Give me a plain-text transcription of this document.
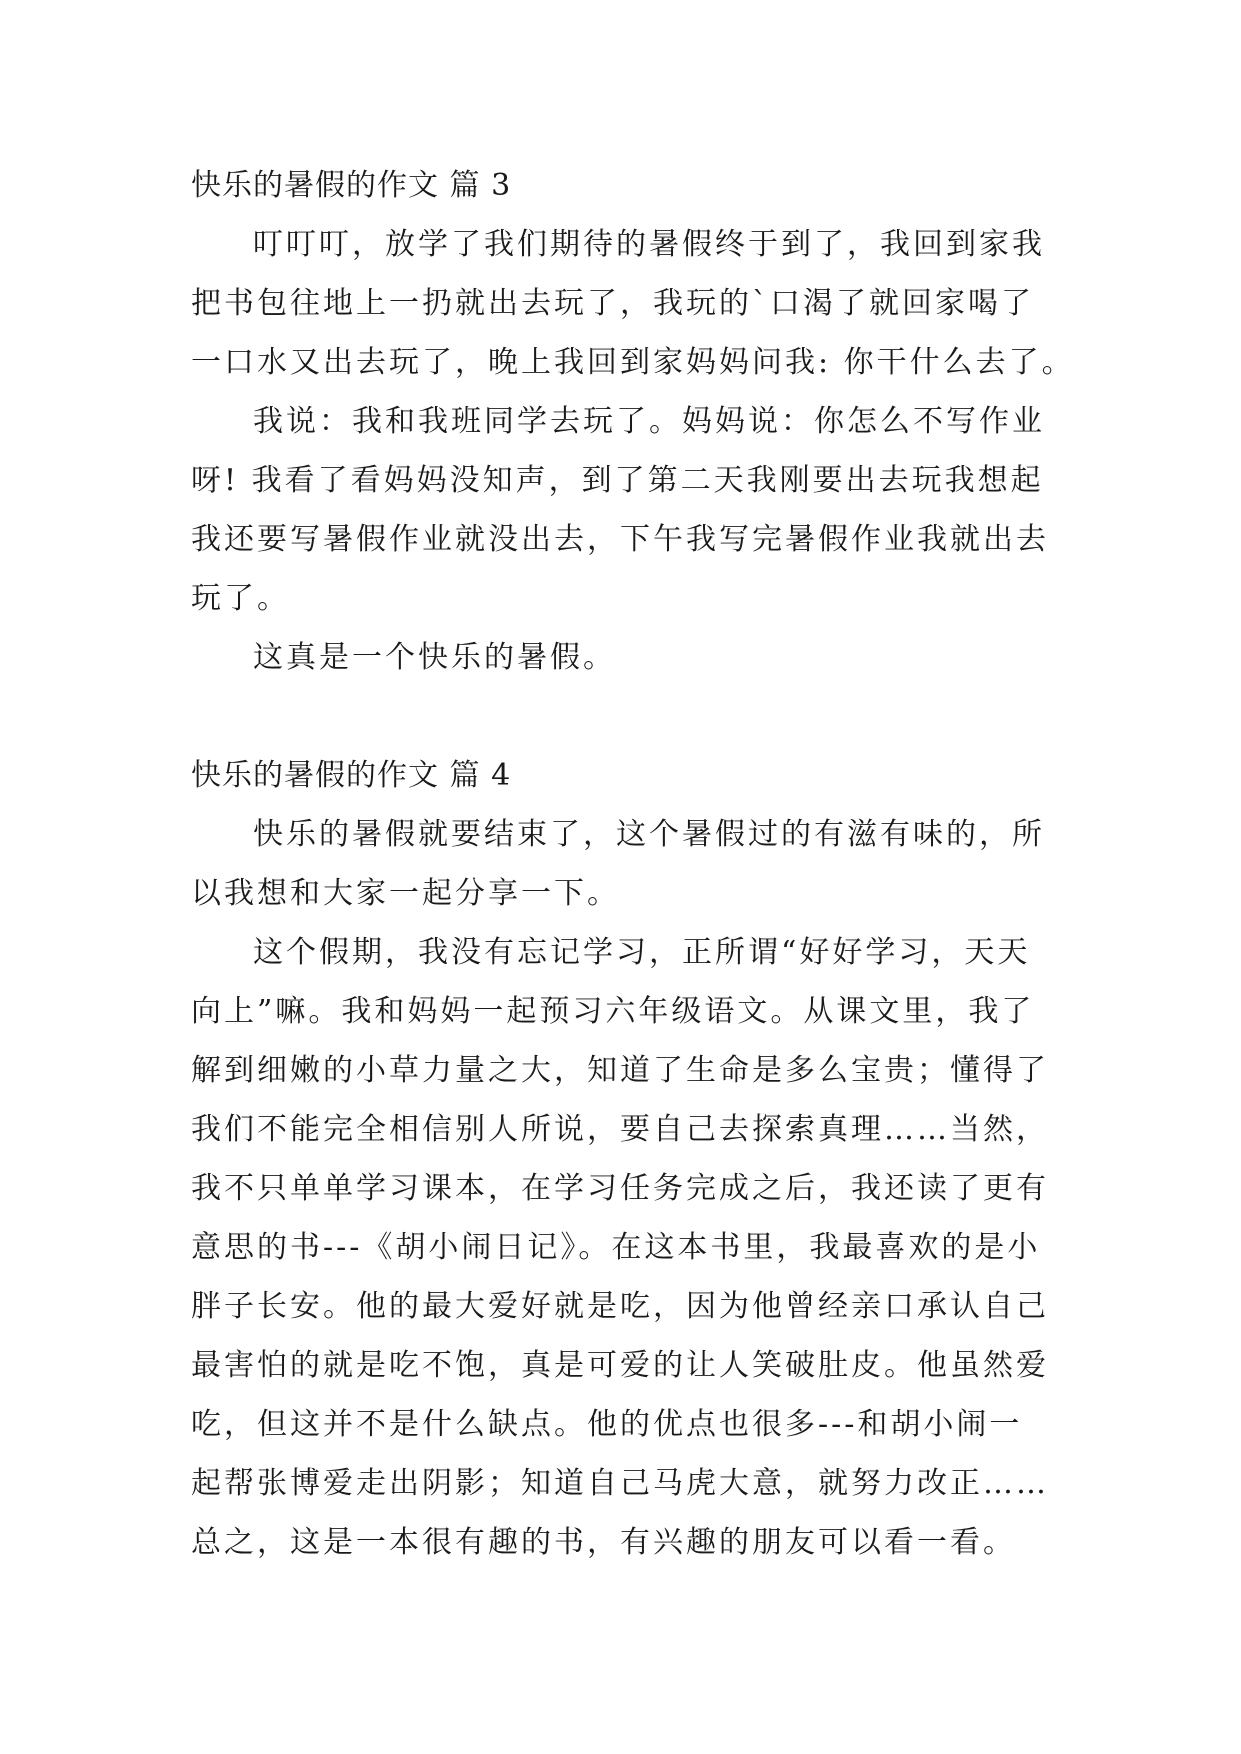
快乐的暑假的作文 篇 3
叮叮叮，放学了我们期待的暑假终于到了，我回到家我
把书包往地上一扔就出去玩了，我玩的`口渴了就回家喝了
一口水又出去玩了，晚上我回到家妈妈问我: 你干什么去了。
我说：我和我班同学去玩了。妈妈说：你怎么不写作业
呀! 我看了看妈妈没知声，到了第二天我刚要出去玩我想起
我还要写暑假作业就没出去，下午我写完暑假作业我就出去
玩了。
这真是一个快乐的暑假。
快乐的暑假的作文 篇 4
快乐的暑假就要结束了，这个暑假过的有滋有味的，所
以我想和大家一起分享一下。
这个假期，我没有忘记学习，正所谓“好好学习，天天
向上”嘛。我和妈妈一起预习六年级语文。从课文里，我了
解到细嫩的小草力量之大，知道了生命是多么宝贵；懂得了
我们不能完全相信别人所说，要自己去探索真理……当然，
我不只单单学习课本，在学习任务完成之后，我还读了更有
意思的书---《胡小闹日记》。在这本书里，我最喜欢的是小
胖子长安。他的最大爱好就是吃，因为他曾经亲口承认自己
最害怕的就是吃不饱，真是可爱的让人笑破肚皮。他虽然爱
吃，但这并不是什么缺点。他的优点也很多---和胡小闹一
起帮张博爱走出阴影；知道自己马虎大意，就努力改正……
总之，这是一本很有趣的书，有兴趣的朋友可以看一看。
